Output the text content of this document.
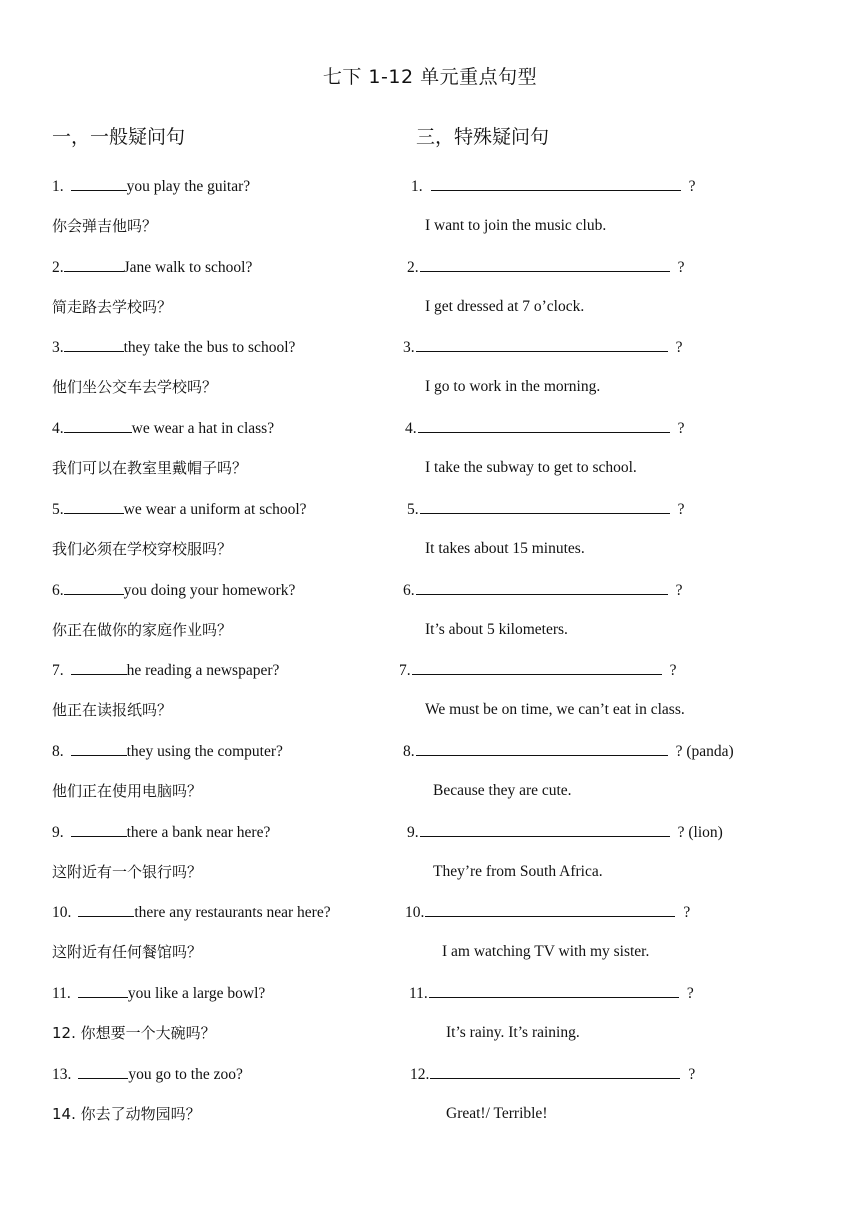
七下 1-12 单元重点句型
一，一般疑问句	三，特殊疑问句
1.	you play the guitar?
你会弹吉他吗？
2.	Jane walk to school?
简走路去学校吗？
3.	they take the bus to school?
他们坐公交车去学校吗？
4.	we wear a hat in class?
我们可以在教室里戴帽子吗？
5.	we wear a uniform at school?
我们必须在学校穿校服吗？
6.	you doing your homework?
你正在做你的家庭作业吗？
7.	he reading a newspaper?
他正在读报纸吗？
8.	they using the computer?
他们正在使用电脑吗？
9.	there a bank near here?
这附近有一个银行吗？
10.	there any restaurants near here?
这附近有任何餐馆吗？
11.	you like a large bowl?
12. 你想要一个大碗吗？
13.	you go to the zoo?
14. 你去了动物园吗？
1.	?
I want to join the music club.
2.	?
I get dressed at 7 o’clock.
3.	?
I go to work in the morning.
4.	?
I take the subway to get to school.
5.	?
It takes about 15 minutes.
6.	?
It’s about 5 kilometers.
7.	?
We must be on time, we can’t eat in class.
8.	? (panda)
Because they are cute.
9.	? (lion)
They’re from South Africa.
10.	?
I am watching TV with my sister.
11.	?
It’s rainy. It’s raining.
12.	?
Great!/ Terrible!
